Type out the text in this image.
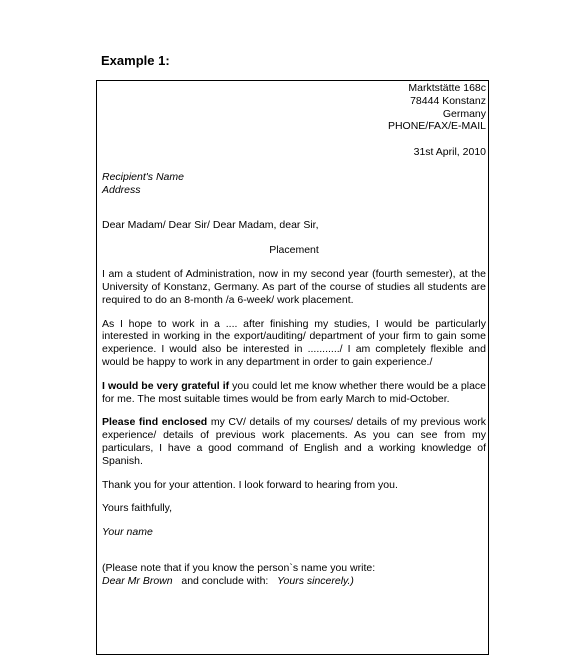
Example 1:
Marktstätte 168c
78444 Konstanz
Germany
PHONE/FAX/E-MAIL
31st April, 2010
Recipient's Name
Address
Dear Madam/ Dear Sir/ Dear Madam, dear Sir,
Placement
I am a student of Administration, now in my second year (fourth semester), at the University of Konstanz, Germany. As part of the course of studies all students are required to do an 8-month /a 6-week/ work placement.
As I hope to work in a .... after finishing my studies, I would be particularly interested in working in the export/auditing/ department of your firm to gain some experience. I would also be interested in .........../ I am completely flexible and would be happy to work in any department in order to gain experience./
I would be very grateful if you could let me know whether there would be a place for me. The most suitable times would be from early March to mid-October.
Please find enclosed my CV/ details of my courses/ details of my previous work experience/ details of previous work placements. As you can see from my particulars, I have a good command of English and a working knowledge of Spanish.
Thank you for your attention. I look forward to hearing from you.
Yours faithfully,
Your name
(Please note that if you know the person`s name you write:
Dear Mr Brown   and conclude with:   Yours sincerely.)
